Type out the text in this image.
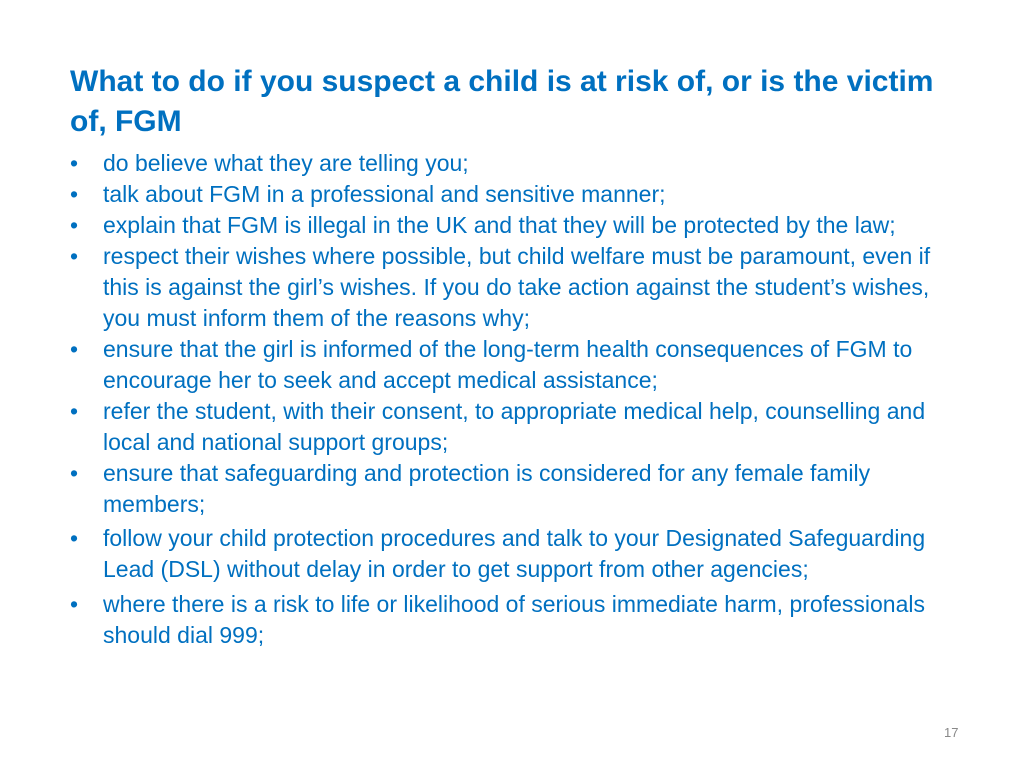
What to do if you suspect a child is at risk of, or is the victim of, FGM
• do believe what they are telling you;
• talk about FGM in a professional and sensitive manner;
• explain that FGM is illegal in the UK and that they will be protected by the law;
• respect their wishes where possible, but child welfare must be paramount, even if this is against the girl’s wishes. If you do take action against the student’s wishes, you must inform them of the reasons why;
• ensure that the girl is informed of the long-term health consequences of FGM to encourage her to seek and accept medical assistance;
• refer the student, with their consent, to appropriate medical help, counselling and local and national support groups;
• ensure that safeguarding and protection is considered for any female family members;
• follow your child protection procedures and talk to your Designated Safeguarding Lead (DSL) without delay in order to get support from other agencies;
• where there is a risk to life or likelihood of serious immediate harm, professionals should dial 999;
17
